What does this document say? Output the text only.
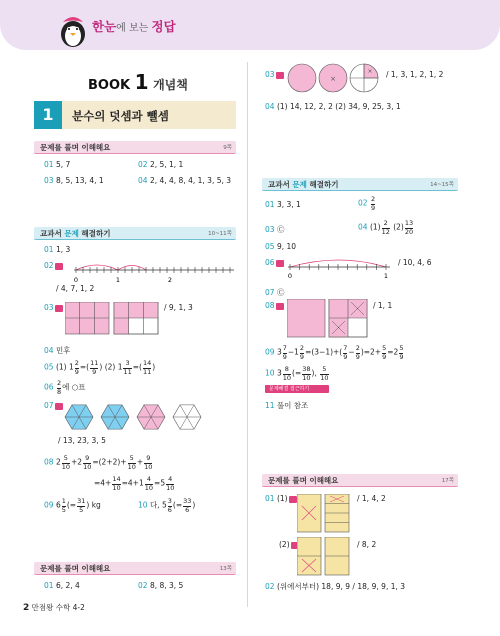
한눈에 보는 정답
BOOK 1 개념책
1	분수의 덧셈과 뺄셈
문제를 풀며 이해해요	9쪽
01 5, 7	02 2, 5, 1, 1
03 8, 5, 13, 4, 1	04 2, 4, 4, 8, 4, 1, 3, 5, 3
교과서 문제 해결하기	10~11쪽
01 1, 3
02
0	1	2
/ 4, 7, 1, 2
03	/ 9, 1, 3
04 민후
05 (1) $1 \frac{2}{9}$ =( $\frac{11}{9}$ ) (2) $1 \frac{3}{11}$ =( $\frac{14}{11}$ )
$06 \frac{2}{8}$ 에 ○표
07
/ 13, 23, 3, 5
08 $2 \frac{5}{10} +2 \frac{9}{10} =(2+2)+ \frac{5}{10} + \frac{9}{10}$
$=4+ \frac{14}{10} =4+1 \frac{4}{10} =5 \frac{4}{10}$
09 $6 \frac{1}{5}$ (= $\frac{31}{5}$ ) kg	10 다, $5 \frac{3}{6}$ (= $\frac{33}{6}$ )
문제를 풀며 이해해요	13쪽
01 6, 2, 4	02 8, 8, 3, 5
03	×
× / 1, 3, 1, 2, 1, 2
04 (1) 14, 12, 2, 2 (2) 34, 9, 25, 3, 1
교과서 문제 해결하기	14~15쪽
01 3, 3, 1	$02 \frac{2}{9}$
03 Ⓒ	04 $(1) \frac{2}{12} (2) \frac{13}{20}$
05 9, 10
06
0	1
/ 10, 4, 6
07 Ⓒ
08	/ 1, 1
09 $3 \frac{7}{9} -1 \frac{2}{9} =(3-1)+( \frac{7}{9} - \frac{2}{9} )=2+ \frac{5}{9} =2 \frac{5}{9}$
10 $3 \frac{8}{10}$ (= $\frac{38}{10}$ ), $\frac{5}{10}$
문제해결 접근하기
11 풀이 참조
문제를 풀며 이해해요	17쪽
01 (1)	/ 1, 4, 2
(2)	/ 8, 2
02 (위에서부터) 18, 9, 9 / 18, 9, 9, 1, 3
2 만점왕 수학 4-2
